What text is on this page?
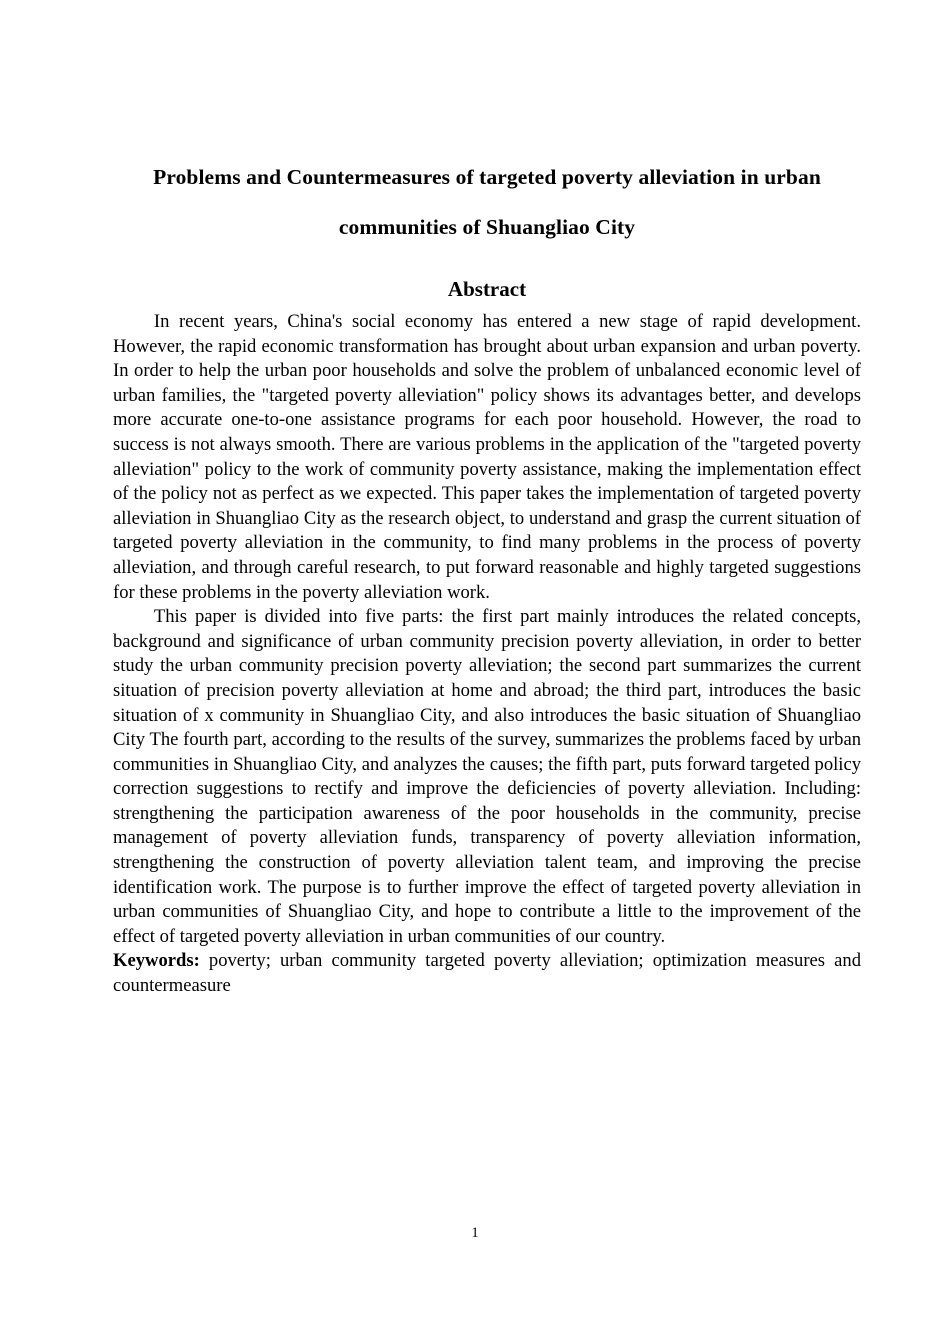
Problems and Countermeasures of targeted poverty alleviation in urban communities of Shuangliao City
Abstract

In recent years, China's social economy has entered a new stage of rapid development. However, the rapid economic transformation has brought about urban expansion and urban poverty. In order to help the urban poor households and solve the problem of unbalanced economic level of urban families, the "targeted poverty alleviation" policy shows its advantages better, and develops more accurate one-to-one assistance programs for each poor household. However, the road to success is not always smooth. There are various problems in the application of the "targeted poverty alleviation" policy to the work of community poverty assistance, making the implementation effect of the policy not as perfect as we expected. This paper takes the implementation of targeted poverty alleviation in Shuangliao City as the research object, to understand and grasp the current situation of targeted poverty alleviation in the community, to find many problems in the process of poverty alleviation, and through careful research, to put forward reasonable and highly targeted suggestions for these problems in the poverty alleviation work.

This paper is divided into five parts: the first part mainly introduces the related concepts, background and significance of urban community precision poverty alleviation, in order to better study the urban community precision poverty alleviation; the second part summarizes the current situation of precision poverty alleviation at home and abroad; the third part, introduces the basic situation of x community in Shuangliao City, and also introduces the basic situation of Shuangliao City The fourth part, according to the results of the survey, summarizes the problems faced by urban communities in Shuangliao City, and analyzes the causes; the fifth part, puts forward targeted policy correction suggestions to rectify and improve the deficiencies of poverty alleviation. Including: strengthening the participation awareness of the poor households in the community, precise management of poverty alleviation funds, transparency of poverty alleviation information, strengthening the construction of poverty alleviation talent team, and improving the precise identification work. The purpose is to further improve the effect of targeted poverty alleviation in urban communities of Shuangliao City, and hope to contribute a little to the improvement of the effect of targeted poverty alleviation in urban communities of our country.

Keywords: poverty; urban community targeted poverty alleviation; optimization measures and countermeasure

1
